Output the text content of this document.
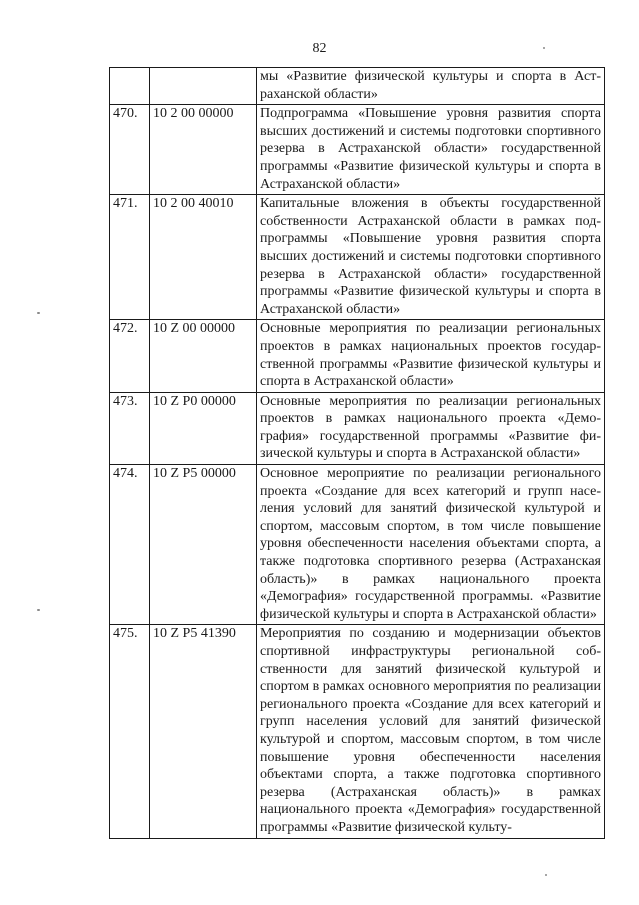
82
		мы «Развитие физической культуры и спорта в Астраханской области»
470.	10 2 00 00000	Подпрограмма «Повышение уровня развития спорта высших достижений и системы подготовки спортивного резерва в Астраханской области» государственной программы «Развитие физической культуры и спорта в Астраханской области»
471.	10 2 00 40010	Капитальные вложения в объекты государственной собственности Астраханской области в рамках подпрограммы «Повышение уровня развития спорта высших достижений и системы подготовки спортивного резерва в Астраханской области» государственной программы «Развитие физической культуры и спорта в Астраханской области»
472.	10 Z 00 00000	Основные мероприятия по реализации региональных проектов в рамках национальных проектов государственной программы «Развитие физической культуры и спорта в Астраханской области»
473.	10 Z P0 00000	Основные мероприятия по реализации региональных проектов в рамках национального проекта «Демография» государственной программы «Развитие физической культуры и спорта в Астраханской области»
474.	10 Z P5 00000	Основное мероприятие по реализации регионального проекта «Создание для всех категорий и групп населения условий для занятий физической культурой и спортом, массовым спортом, в том числе повышение уровня обеспеченности населения объектами спорта, а также подготовка спортивного резерва (Астраханская область)» в рамках национального проекта «Демография» государственной программы. «Развитие физической культуры и спорта в Астраханской области»
475.	10 Z P5 41390	Мероприятия по созданию и модернизации объектов спортивной инфраструктуры региональной собственности для занятий физической культурой и спортом в рамках основного мероприятия по реализации регионального проекта «Создание для всех категорий и групп населения условий для занятий физической культурой и спортом, массовым спортом, в том числе повышение уровня обеспеченности населения объектами спорта, а также подготовка спортивного резерва (Астраханская область)» в рамках национального проекта «Демография» государственной программы «Развитие физической культу-
